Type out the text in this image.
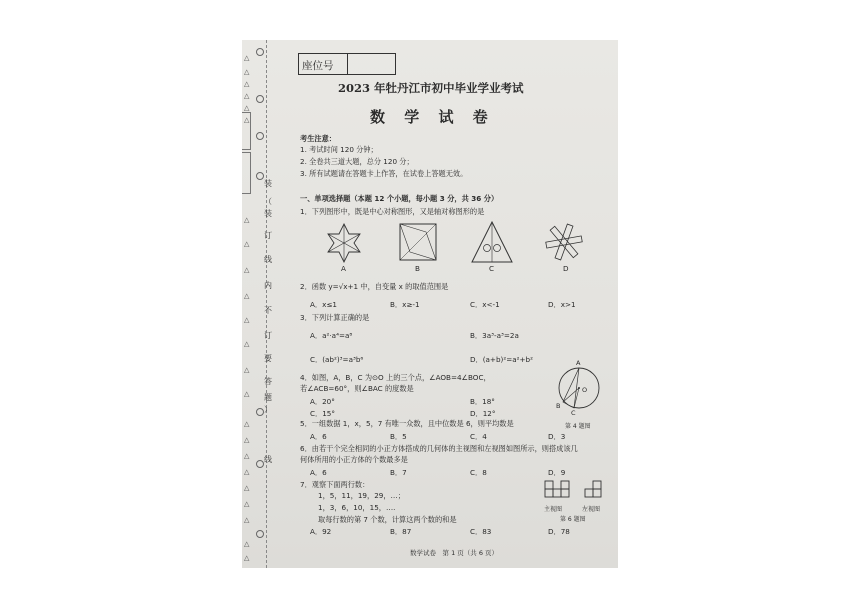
装
（
装
订
线
内
不
订
要
答
题
）
线
△
△
△
△
△
△
△
△
△
△
△
△
△
△
△
△
△
△
△
△
△
△
△
座位号
2023 年牡丹江市初中毕业学业考试
数 学 试 卷
考生注意：
1. 考试时间 120 分钟；
2. 全卷共三道大题，总分 120 分；
3. 所有试题请在答题卡上作答，在试卷上答题无效。
一、单项选择题（本题 12 个小题，每小题 3 分，共 36 分）
1．下列图形中，既是中心对称图形，又是轴对称图形的是
A	B	C	D
2．函数 y=√x+1 中，自变量 x 的取值范围是
A．x≤1	B．x≥-1	C．x<-1	D．x>1
3．下列计算正确的是
A．a²·a⁴=a⁸	B．3a³-a³=2a
C．(ab²)³=a³b⁶	D．(a+b)²=a²+b²
4．如图，A，B，C 为⊙O 上的三个点，∠AOB=4∠BOC，
若∠ACB=60°，则∠BAC 的度数是
A．20°	B．18°
C．15°	D．12°
A
B
C
O
第 4 题图
5．一组数据 1，x，5，7 有唯一众数，且中位数是 6，则平均数是
A．6	B．5	C．4	D．3
6．由若干个完全相同的小正方体搭成的几何体的主视图和左视图如图所示，则搭成该几
何体所用的小正方体的个数最多是
A．6	B．7	C．8	D．9
主视图	左视图
第 6 题图
7．观察下面两行数：
1，5，11，19，29，…；
1，3，6，10，15，….
取每行数的第 7 个数，计算这两个数的和是
A．92	B．87	C．83	D．78
数学试卷　第 1 页（共 6 页）
